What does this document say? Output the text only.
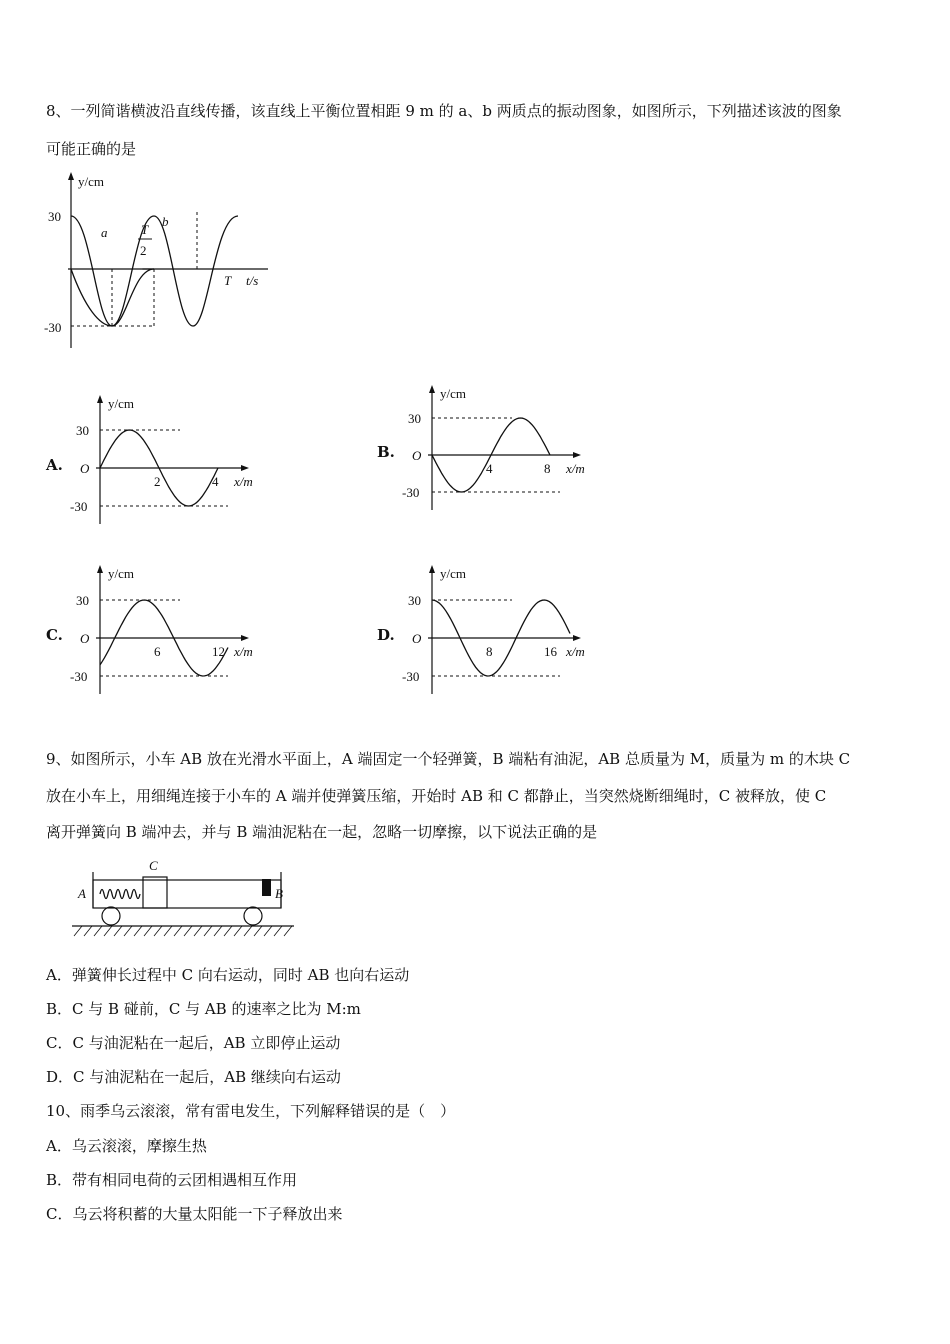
8、一列简谐横波沿直线传播，该直线上平衡位置相距 9 m 的 a、b 两质点的振动图象，如图所示，下列描述该波的图象
可能正确的是
y/cm
30
-30
a
b
T
2
T t/s
A.
y/cm
30
-30
O
2	4 x/m
B.
y/cm
30
-30
O
4	8 x/m
C.
y/cm
30
-30
O
6	12 x/m
D.
y/cm
30
-30
O
8	16 x/m
9、如图所示，小车 AB 放在光滑水平面上，A 端固定一个轻弹簧，B 端粘有油泥，AB 总质量为 M，质量为 m 的木块 C
放在小车上，用细绳连接于小车的 A 端并使弹簧压缩，开始时 AB 和 C 都静止，当突然烧断细绳时，C 被释放，使 C
离开弹簧向 B 端冲去，并与 B 端油泥粘在一起，忽略一切摩擦，以下说法正确的是
A	B
C
A．弹簧伸长过程中 C 向右运动，同时 AB 也向右运动
B．C 与 B 碰前，C 与 AB 的速率之比为 M:m
C．C 与油泥粘在一起后，AB 立即停止运动
D．C 与油泥粘在一起后，AB 继续向右运动
10、雨季乌云滚滚，常有雷电发生，下列解释错误的是（　）
A．乌云滚滚，摩擦生热
B．带有相同电荷的云团相遇相互作用
C．乌云将积蓄的大量太阳能一下子释放出来
